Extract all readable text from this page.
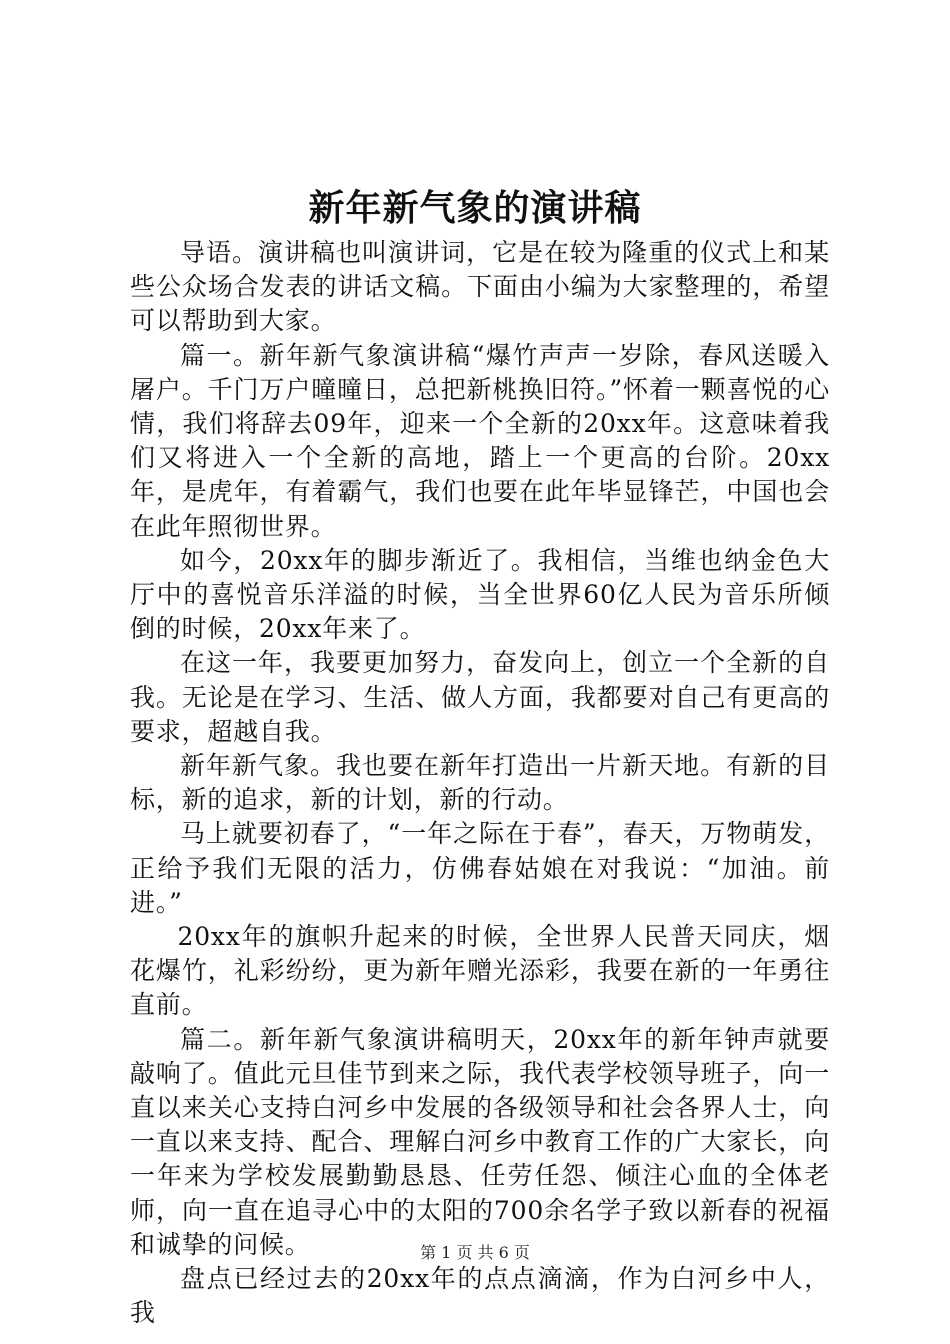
新年新气象的演讲稿

导语。演讲稿也叫演讲词，它是在较为隆重的仪式上和某些公众场合发表的讲话文稿。下面由小编为大家整理的，希望可以帮助到大家。

篇一。新年新气象演讲稿“爆竹声声一岁除，春风送暖入屠户。千门万户曈曈日，总把新桃换旧符。”怀着一颗喜悦的心情，我们将辞去09年，迎来一个全新的20xx年。这意味着我们又将进入一个全新的高地，踏上一个更高的台阶。20xx年，是虎年，有着霸气，我们也要在此年毕显锋芒，中国也会在此年照彻世界。

如今，20xx年的脚步渐近了。我相信，当维也纳金色大厅中的喜悦音乐洋溢的时候，当全世界60亿人民为音乐所倾倒的时候，20xx年来了。

在这一年，我要更加努力，奋发向上，创立一个全新的自我。无论是在学习、生活、做人方面，我都要对自己有更高的要求，超越自我。

新年新气象。我也要在新年打造出一片新天地。有新的目标，新的追求，新的计划，新的行动。

马上就要初春了，“一年之际在于春”，春天，万物萌发，正给予我们无限的活力，仿佛春姑娘在对我说：“加油。前进。”

20xx年的旗帜升起来的时候，全世界人民普天同庆，烟花爆竹，礼彩纷纷，更为新年赠光添彩，我要在新的一年勇往直前。

篇二。新年新气象演讲稿明天，20xx年的新年钟声就要敲响了。值此元旦佳节到来之际，我代表学校领导班子，向一直以来关心支持白河乡中发展的各级领导和社会各界人士，向一直以来支持、配合、理解白河乡中教育工作的广大家长，向一年来为学校发展勤勤恳恳、任劳任怨、倾注心血的全体老师，向一直在追寻心中的太阳的700余名学子致以新春的祝福和诚挚的问候。

盘点已经过去的20xx年的点点滴滴，作为白河乡中人，我

第 1 页 共 6 页
